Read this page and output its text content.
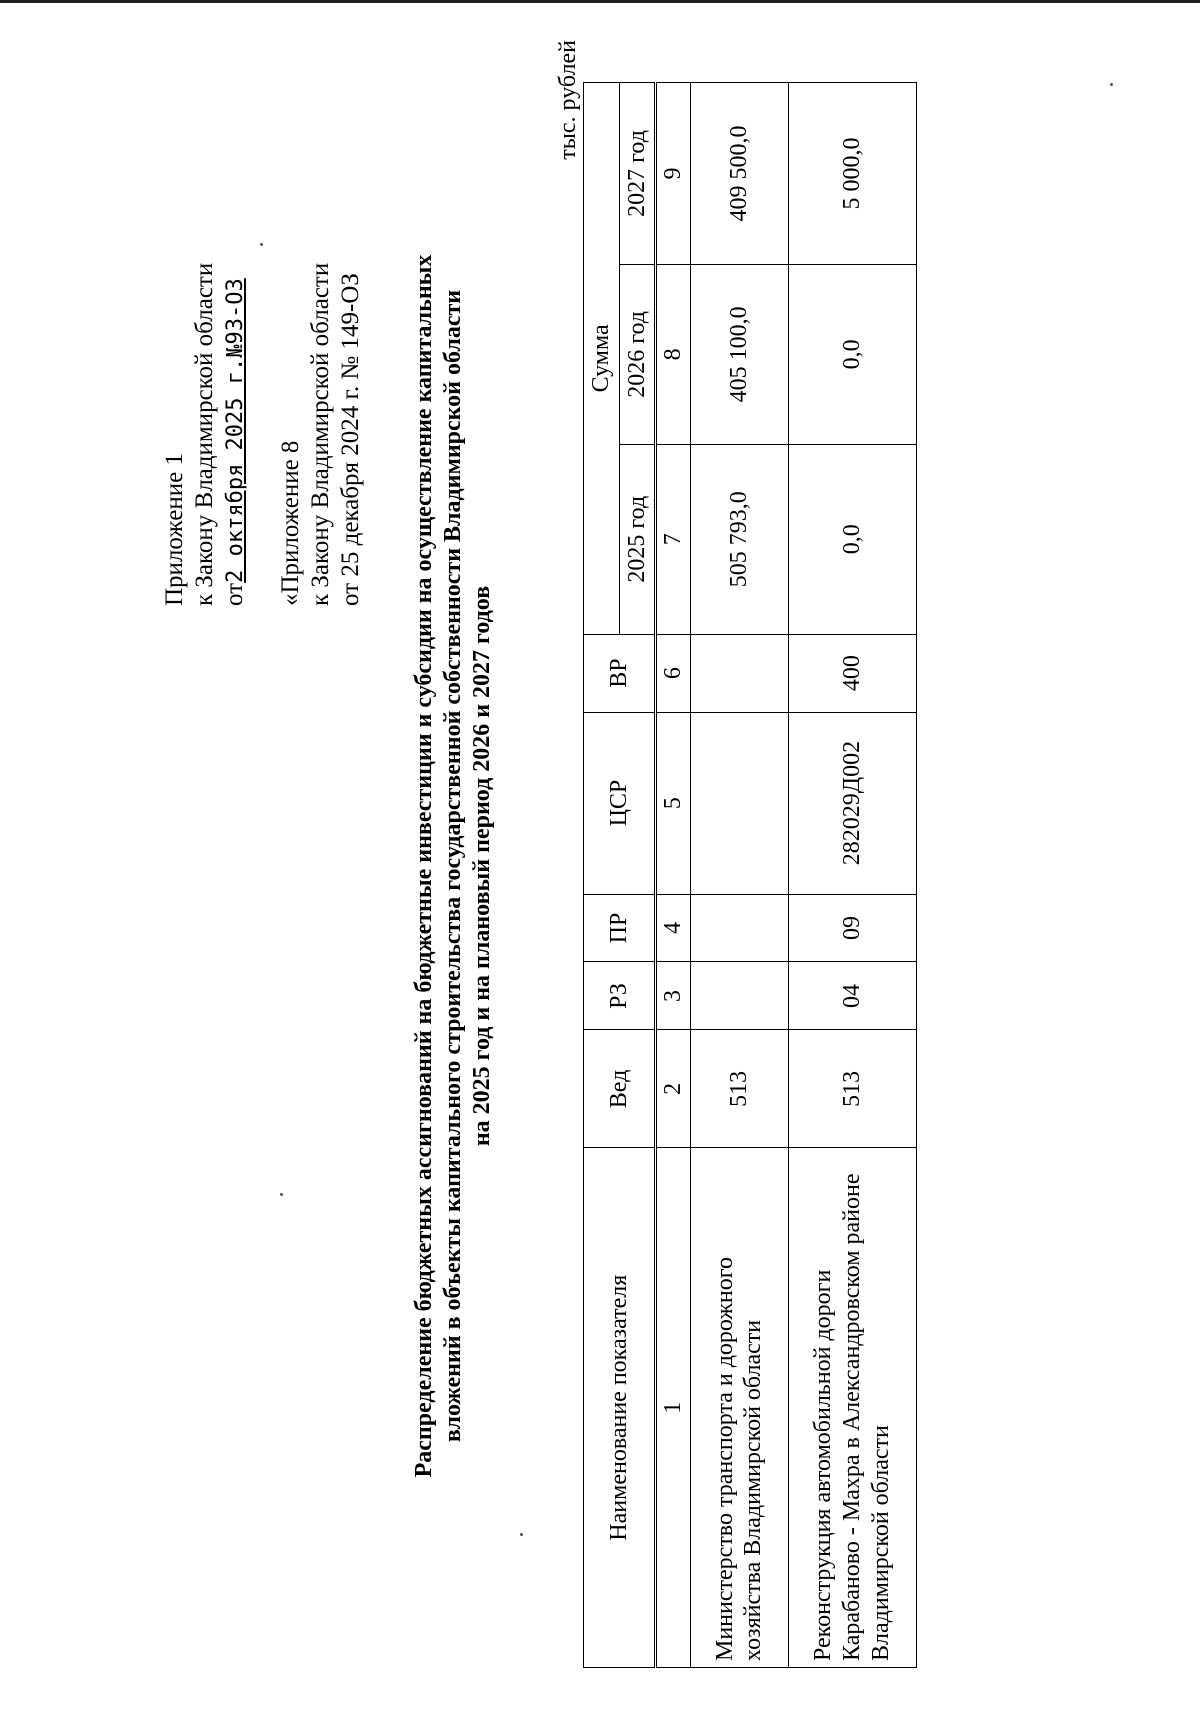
Приложение 1 к Закону Владимирской области от2 октября 2025 г.№93-ОЗ
«Приложение 8 к Закону Владимирской области от 25 декабря 2024 г. № 149-ОЗ Распределение бюджетных ассигнований на бюджетные инвестиции и субсидии на осуществление капитальных вложений в объекты капитального строительства государственной собственности Владимирской области на 2025 год и на плановый период 2026 и 2027 годов
тыс. рублей
Наименование показателя	Вед	РЗ	ПР	ЦСР	ВР	Сумма		
						2025 год	2026 год	2027 год
1	2	3	4	5	6	7	8	9
Министерство транспорта и дорожного хозяйства Владимирской области	513					505 793,0	405 100,0	409 500,0
Реконструкция автомобильной дороги Карабаново - Махра в Александровском районе Владимирской области	513	04	09	282029Д002	400	0,0	0,0	5 000,0
